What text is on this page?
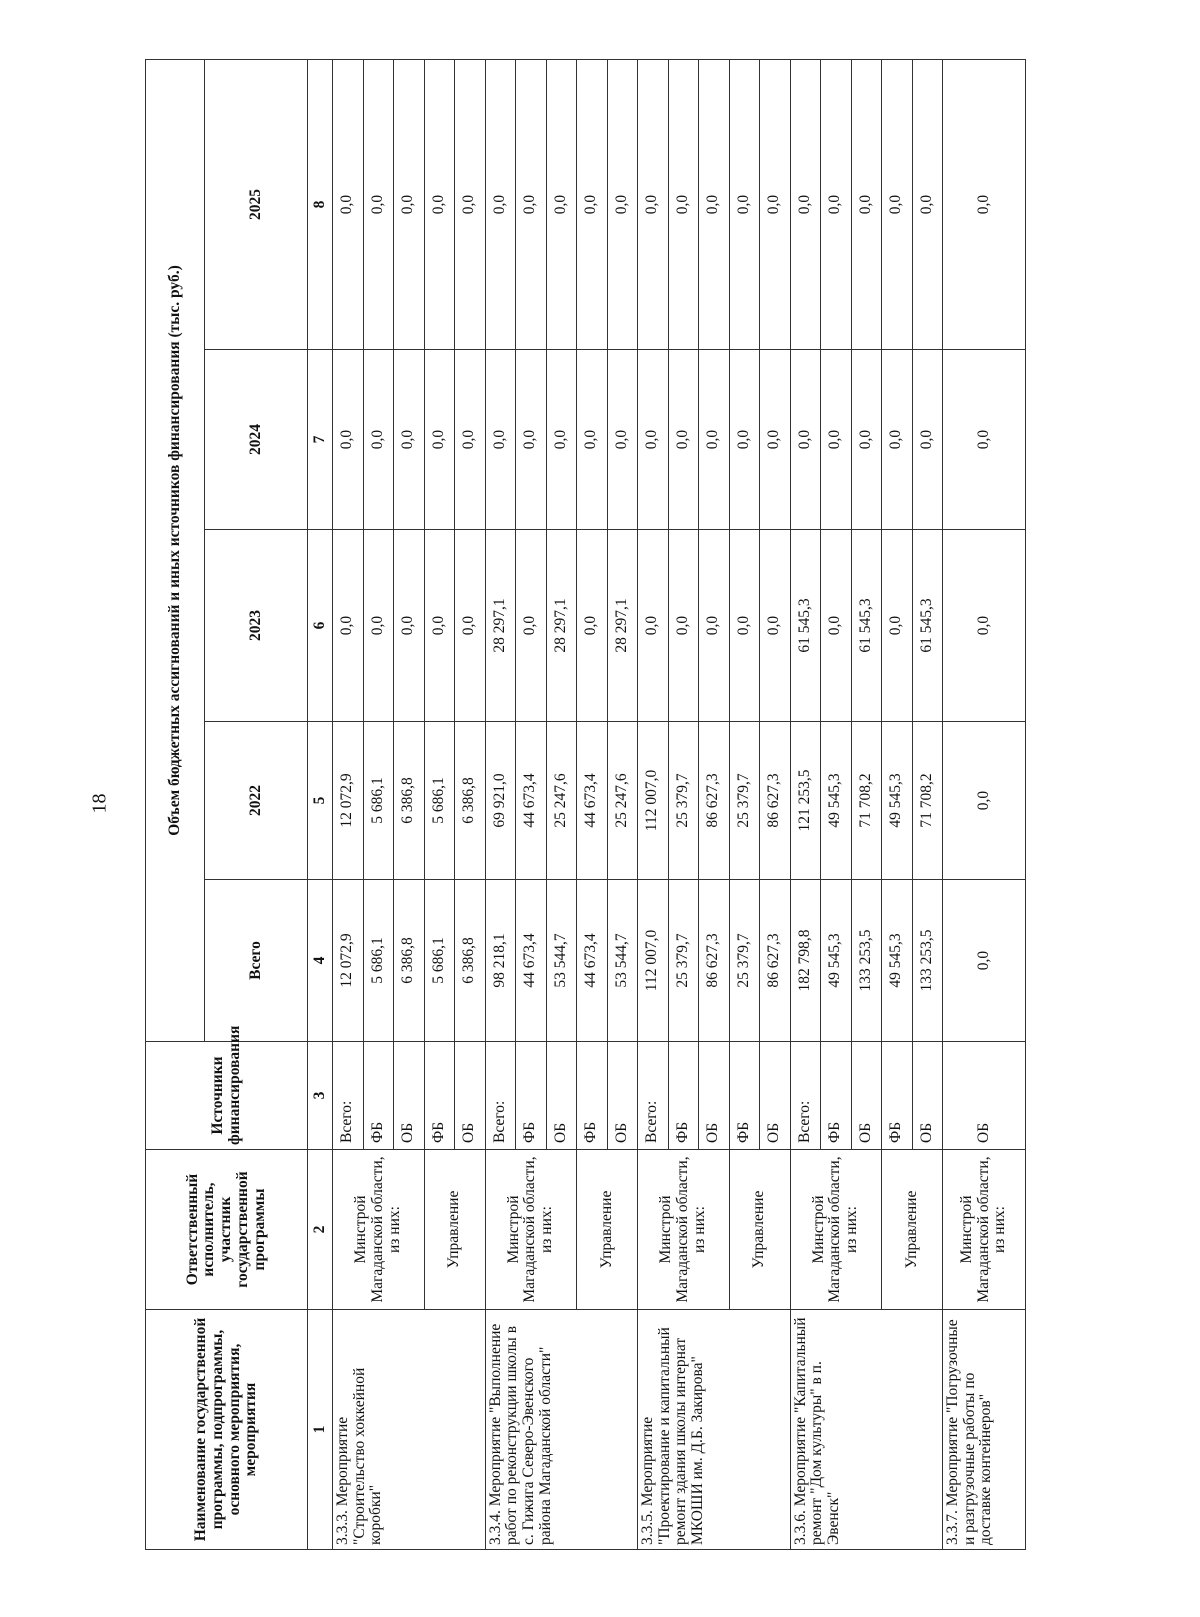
18
Наименование государственной программы, подпрограммы, основного мероприятия, мероприятия	Ответственный исполнитель, участник государственной программы	Источники финансирования	Объем бюджетных ассигнований и иных источников финансирования (тыс. руб.)				
			Всего	2022	2023	2024	2025
1	2	3	4	5	6	7	8
3.3.3. Мероприятие "Строительство хоккейной коробки"	Минстрой Магаданской области, из них:	Всего:	12 072,9	12 072,9	0,0	0,0	0,0
		ФБ	5 686,1	5 686,1	0,0	0,0	0,0
		ОБ	6 386,8	6 386,8	0,0	0,0	0,0
	Управление	ФБ	5 686,1	5 686,1	0,0	0,0	0,0
		ОБ	6 386,8	6 386,8	0,0	0,0	0,0
3.3.4. Мероприятие "Выполнение работ по реконструкции школы в с. Гижига Северо-Эвенского района Магаданской области"	Минстрой Магаданской области, из них:	Всего:	98 218,1	69 921,0	28 297,1	0,0	0,0
		ФБ	44 673,4	44 673,4	0,0	0,0	0,0
		ОБ	53 544,7	25 247,6	28 297,1	0,0	0,0
	Управление	ФБ	44 673,4	44 673,4	0,0	0,0	0,0
		ОБ	53 544,7	25 247,6	28 297,1	0,0	0,0
3.3.5. Мероприятие "Проектирование и капитальный ремонт здания школы интернат МКОШИ им. Д.Б. Закирова"	Минстрой Магаданской области, из них:	Всего:	112 007,0	112 007,0	0,0	0,0	0,0
		ФБ	25 379,7	25 379,7	0,0	0,0	0,0
		ОБ	86 627,3	86 627,3	0,0	0,0	0,0
	Управление	ФБ	25 379,7	25 379,7	0,0	0,0	0,0
		ОБ	86 627,3	86 627,3	0,0	0,0	0,0
3.3.6. Мероприятие "Капитальный ремонт "Дом культуры" в п. Эвенск"	Минстрой Магаданской области, из них:	Всего:	182 798,8	121 253,5	61 545,3	0,0	0,0
		ФБ	49 545,3	49 545,3	0,0	0,0	0,0
		ОБ	133 253,5	71 708,2	61 545,3	0,0	0,0
	Управление	ФБ	49 545,3	49 545,3	0,0	0,0	0,0
		ОБ	133 253,5	71 708,2	61 545,3	0,0	0,0
3.3.7. Мероприятие "Погрузочные и разгрузочные работы по доставке контейнеров"	Минстрой Магаданской области, из них:	ОБ	0,0	0,0	0,0	0,0	0,0
